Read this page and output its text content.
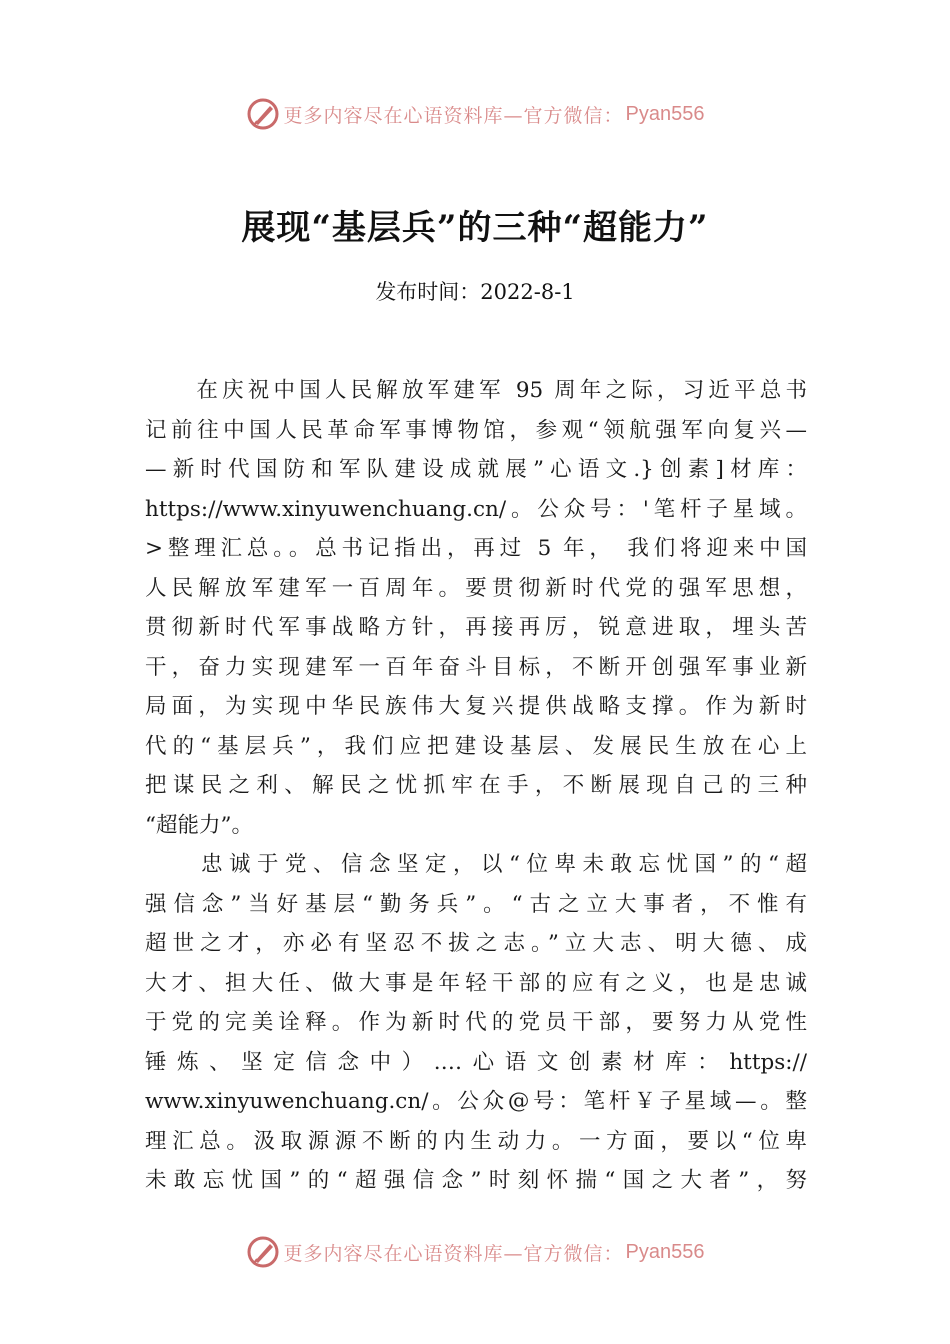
更多内容尽在心语资料库—官方微信： Pyan556
展现“基层兵”的三种“超能力”
发布时间：2022-8-1
　　在庆祝中国人民解放军建军 95 周年之际，习近平总书
记前往中国人民革命军事博物馆，参观“领航强军向复兴—
—新时代国防和军队建设成就展”心语文.}创素]材库：
https://www.xinyuwenchuang.cn/。公众号：'笔杆子星域。
>整理汇总。。总书记指出，再过 5 年， 我们将迎来中国
人民解放军建军一百周年。要贯彻新时代党的强军思想，
贯彻新时代军事战略方针，再接再厉，锐意进取，埋头苦
干，奋力实现建军一百年奋斗目标，不断开创强军事业新
局面，为实现中华民族伟大复兴提供战略支撑。作为新时
代的“基层兵”，我们应把建设基层、发展民生放在心上
把谋民之利、解民之忧抓牢在手，不断展现自己的三种
“超能力”。
　　忠诚于党、信念坚定，以“位卑未敢忘忧国”的“超
强信念”当好基层“勤务兵”。“古之立大事者，不惟有
超世之才，亦必有坚忍不拔之志。”立大志、明大德、成
大才、担大任、做大事是年轻干部的应有之义，也是忠诚
于党的完美诠释。作为新时代的党员干部，要努力从党性
锤炼、坚定信念中）.…心语文创素材库：https://
www.xinyuwenchuang.cn/。公众@号：笔杆￥子星域—。整
理汇总。汲取源源不断的内生动力。一方面，要以“位卑
未敢忘忧国”的“超强信念”时刻怀揣“国之大者”，努
更多内容尽在心语资料库—官方微信： Pyan556
